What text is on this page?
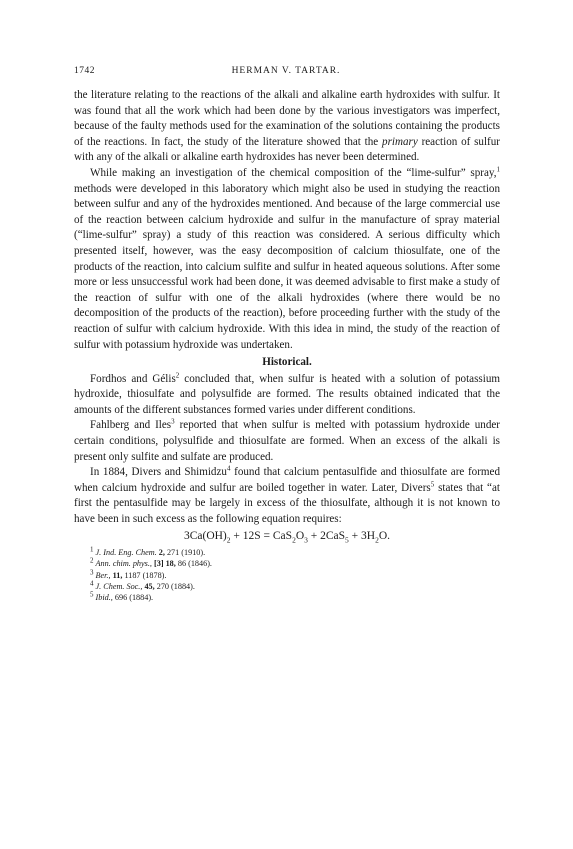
1742	HERMAN V. TARTAR.

the literature relating to the reactions of the alkali and alkaline earth hydroxides with sulfur. It was found that all the work which had been done by the various investigators was imperfect, because of the faulty methods used for the examination of the solutions containing the products of the reactions. In fact, the study of the literature showed that the primary reaction of sulfur with any of the alkali or alkaline earth hydroxides has never been determined.

While making an investigation of the chemical composition of the “lime-sulfur” spray,$^1$ methods were developed in this laboratory which might also be used in studying the reaction between sulfur and any of the hydroxides mentioned. And because of the large commercial use of the reaction between calcium hydroxide and sulfur in the manufacture of spray material (“lime-sulfur” spray) a study of this reaction was considered. A serious difficulty which presented itself, however, was the easy decomposition of calcium thiosulfate, one of the products of the reaction, into calcium sulfite and sulfur in heated aqueous solutions. After some more or less unsuccessful work had been done, it was deemed advisable to first make a study of the reaction of sulfur with one of the alkali hydroxides (where there would be no decomposition of the products of the reaction), before proceeding further with the study of the reaction of sulfur with calcium hydroxide. With this idea in mind, the study of the reaction of sulfur with potassium hydroxide was undertaken.

Historical.

Fordhos and Gélis$^2$ concluded that, when sulfur is heated with a solution of potassium hydroxide, thiosulfate and polysulfide are formed. The results obtained indicated that the amounts of the different substances formed varies under different conditions.

Fahlberg and Iles$^3$ reported that when sulfur is melted with potassium hydroxide under certain conditions, polysulfide and thiosulfate are formed. When an excess of the alkali is present only sulfite and sulfate are produced.

In 1884, Divers and Shimidzu$^4$ found that calcium pentasulfide and thiosulfate are formed when calcium hydroxide and sulfur are boiled together in water. Later, Divers$^5$ states that “at first the pentasulfide may be largely in excess of the thiosulfate, although it is not known to have been in such excess as the following equation requires:

$3Ca(OH)_2 + 12S = CaS_2O_3 + 2CaS_5 + 3H_2O$.
$^1$ J. Ind. Eng. Chem. 2, 271 (1910).
$^2$ Ann. chim. phys., [3] 18, 86 (1846).
$^3$ Ber., 11, 1187 (1878).
$^4$ J. Chem. Soc., 45, 270 (1884).
$^5$ Ibid., 696 (1884).
